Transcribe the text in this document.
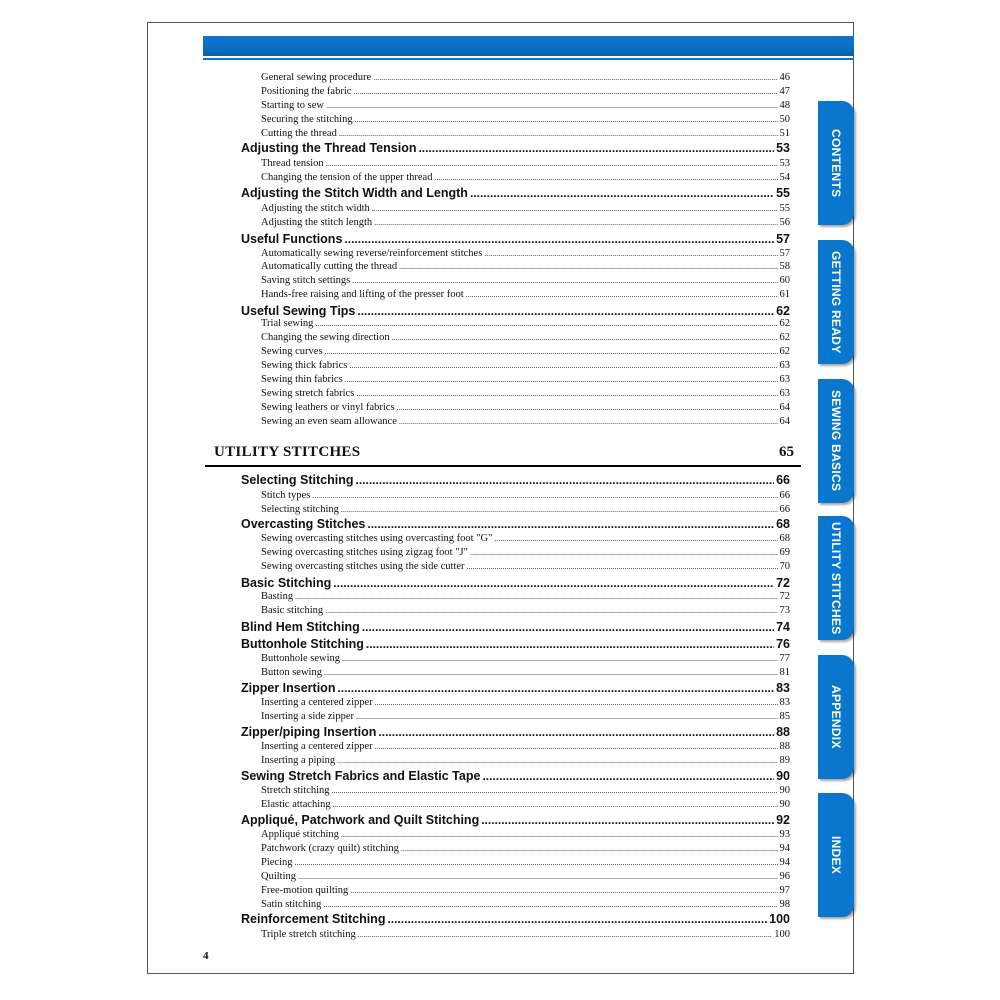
General sewing procedure .....	46
Positioning the fabric .....	47
Starting to sew .....	48
Securing the stitching .....	50
Cutting the thread .....	51
Adjusting the Thread Tension .....	53
Thread tension .....	53
Changing the tension of the upper thread .....	54
Adjusting the Stitch Width and Length .....	55
Adjusting the stitch width .....	55
Adjusting the stitch length .....	56
Useful Functions .....	57
Automatically sewing reverse/reinforcement stitches .....	57
Automatically cutting the thread .....	58
Saving stitch settings .....	60
Hands-free raising and lifting of the presser foot .....	61
Useful Sewing Tips .....	62
Trial sewing .....	62
Changing the sewing direction .....	62
Sewing curves .....	62
Sewing thick fabrics .....	63
Sewing thin fabrics .....	63
Sewing stretch fabrics .....	63
Sewing leathers or vinyl fabrics .....	64
Sewing an even seam allowance .....	64
Selecting Stitching .....	66
Stitch types .....	66
Selecting stitching .....	66
Overcasting Stitches .....	68
Sewing overcasting stitches using overcasting foot "G" .....	68
Sewing overcasting stitches using zigzag foot "J" .....	69
Sewing overcasting stitches using the side cutter .....	70
Basic Stitching .....	72
Basting .....	72
Basic stitching .....	73
Blind Hem Stitching .....	74
Buttonhole Stitching .....	76
Buttonhole sewing .....	77
Button sewing .....	81
Zipper Insertion .....	83
Inserting a centered zipper .....	83
Inserting a side zipper .....	85
Zipper/piping Insertion .....	88
Inserting a centered zipper .....	88
Inserting a piping .....	89
Sewing Stretch Fabrics and Elastic Tape .....	90
Stretch stitching .....	90
Elastic attaching .....	90
Appliqué, Patchwork and Quilt Stitching .....	92
Appliqué stitching .....	93
Patchwork (crazy quilt) stitching .....	94
Piecing .....	94
Quilting .....	96
Free-motion quilting .....	97
Satin stitching .....	98
Reinforcement Stitching .....	100
Triple stretch stitching .....	100
UTILITY STITCHES	65
CONTENTS
GETTING READY
SEWING BASICS
UTILITY STITCHES
APPENDIX
INDEX
4
